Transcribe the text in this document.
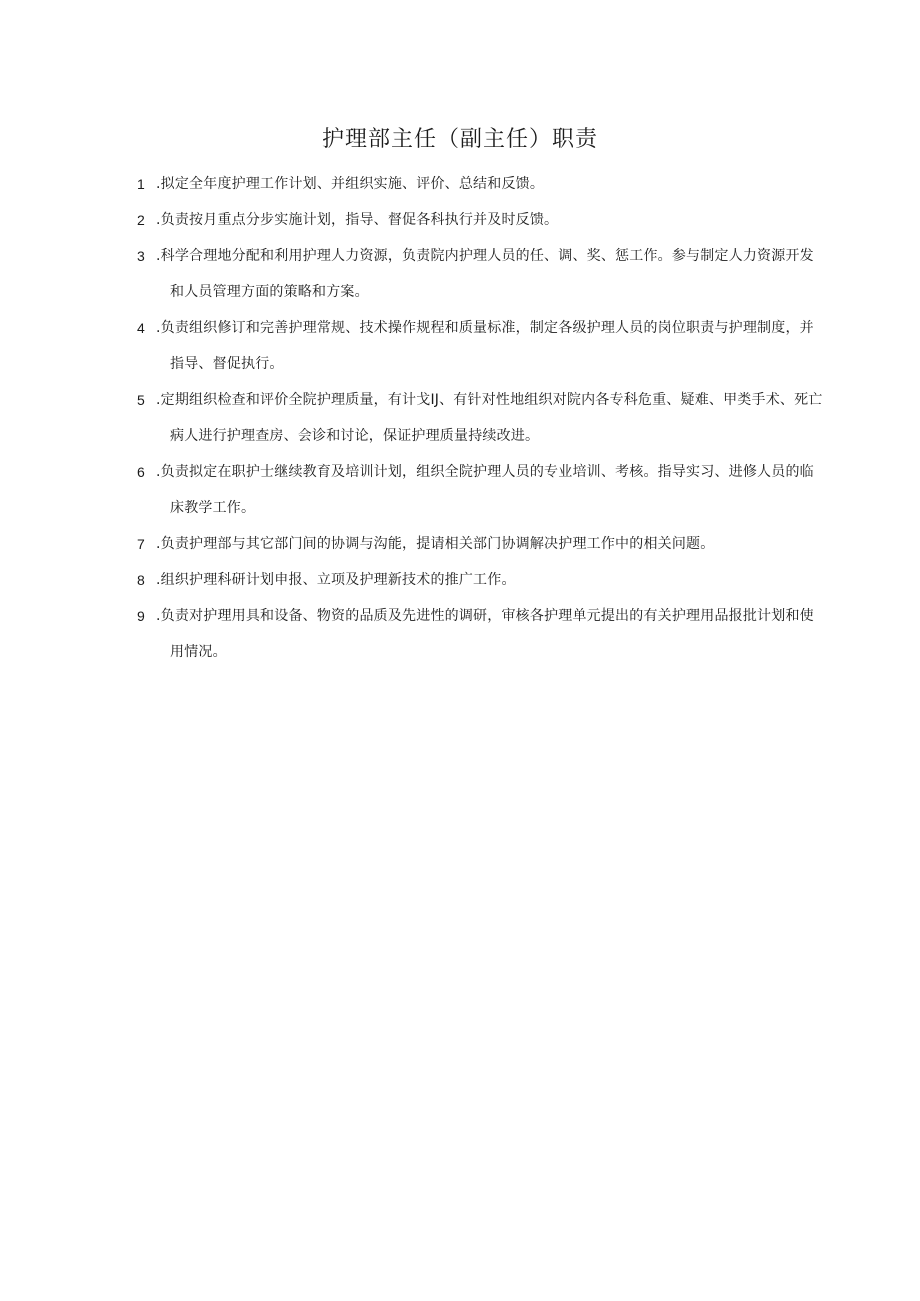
护理部主任（副主任）职责
1 .拟定全年度护理工作计划、并组织实施、评价、总结和反馈。
2 .负责按月重点分步实施计划，指导、督促各科执行并及时反馈。
3 .科学合理地分配和利用护理人力资源，负责院内护理人员的任、调、奖、惩工作。参与制定人力资源开发和人员管理方面的策略和方案。
4 .负责组织修订和完善护理常规、技术操作规程和质量标准，制定各级护理人员的岗位职责与护理制度，并指导、督促执行。
5 .定期组织检查和评价全院护理质量，有计戈IJ、有针对性地组织对院内各专科危重、疑难、甲类手术、死亡病人进行护理查房、会诊和讨论，保证护理质量持续改进。
6 .负责拟定在职护士继续教育及培训计划，组织全院护理人员的专业培训、考核。指导实习、进修人员的临床教学工作。
7 .负责护理部与其它部门间的协调与沟能，提请相关部门协调解决护理工作中的相关问题。
8 .组织护理科研计划申报、立项及护理新技术的推广工作。
9 .负责对护理用具和设备、物资的品质及先进性的调研，审核各护理单元提出的有关护理用品报批计划和使用情况。
